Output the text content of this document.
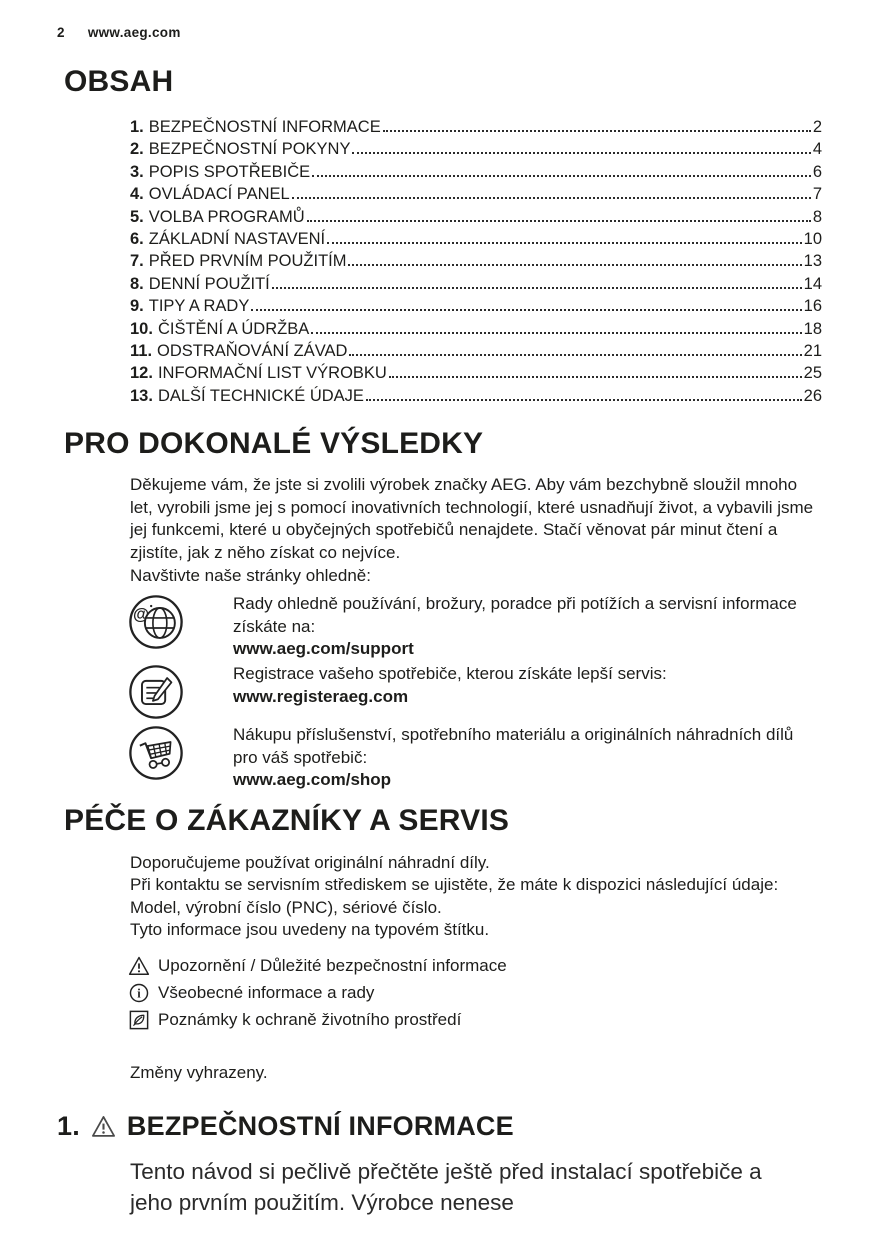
2 www.aeg.com
OBSAH
1. BEZPEČNOSTNÍ INFORMACE	2
2. BEZPEČNOSTNÍ POKYNY	4
3. POPIS SPOTŘEBIČE	6
4. OVLÁDACÍ PANEL	7
5. VOLBA PROGRAMŮ	8
6. ZÁKLADNÍ NASTAVENÍ	10
7. PŘED PRVNÍM POUŽITÍM	13
8. DENNÍ POUŽITÍ	14
9. TIPY A RADY	16
10. ČIŠTĚNÍ A ÚDRŽBA	18
11. ODSTRAŇOVÁNÍ ZÁVAD	21
12. INFORMAČNÍ LIST VÝROBKU	25
13. DALŠÍ TECHNICKÉ ÚDAJE	26
PRO DOKONALÉ VÝSLEDKY
Děkujeme vám, že jste si zvolili výrobek značky AEG. Aby vám bezchybně sloužil mnoho let, vyrobili jsme jej s pomocí inovativních technologií, které usnadňují život, a vybavili jsme jej funkcemi, které u obyčejných spotřebičů nenajdete. Stačí věnovat pár minut čtení a zjistíte, jak z něho získat co nejvíce.
Navštivte naše stránky ohledně:
@
Rady ohledně používání, brožury, poradce při potížích a servisní informace získáte na:
www.aeg.com/support
Registrace vašeho spotřebiče, kterou získáte lepší servis:
www.registeraeg.com
Nákupu příslušenství, spotřebního materiálu a originálních náhradních dílů pro váš spotřebič:
www.aeg.com/shop
PÉČE O ZÁKAZNÍKY A SERVIS
Doporučujeme používat originální náhradní díly.
Při kontaktu se servisním střediskem se ujistěte, že máte k dispozici následující údaje: Model, výrobní číslo (PNC), sériové číslo.
Tyto informace jsou uvedeny na typovém štítku.
Upozornění / Důležité bezpečnostní informace
i Všeobecné informace a rady
Poznámky k ochraně životního prostředí
Změny vyhrazeny.
1. BEZPEČNOSTNÍ INFORMACE
Tento návod si pečlivě přečtěte ještě před instalací spotřebiče a jeho prvním použitím. Výrobce nenese
